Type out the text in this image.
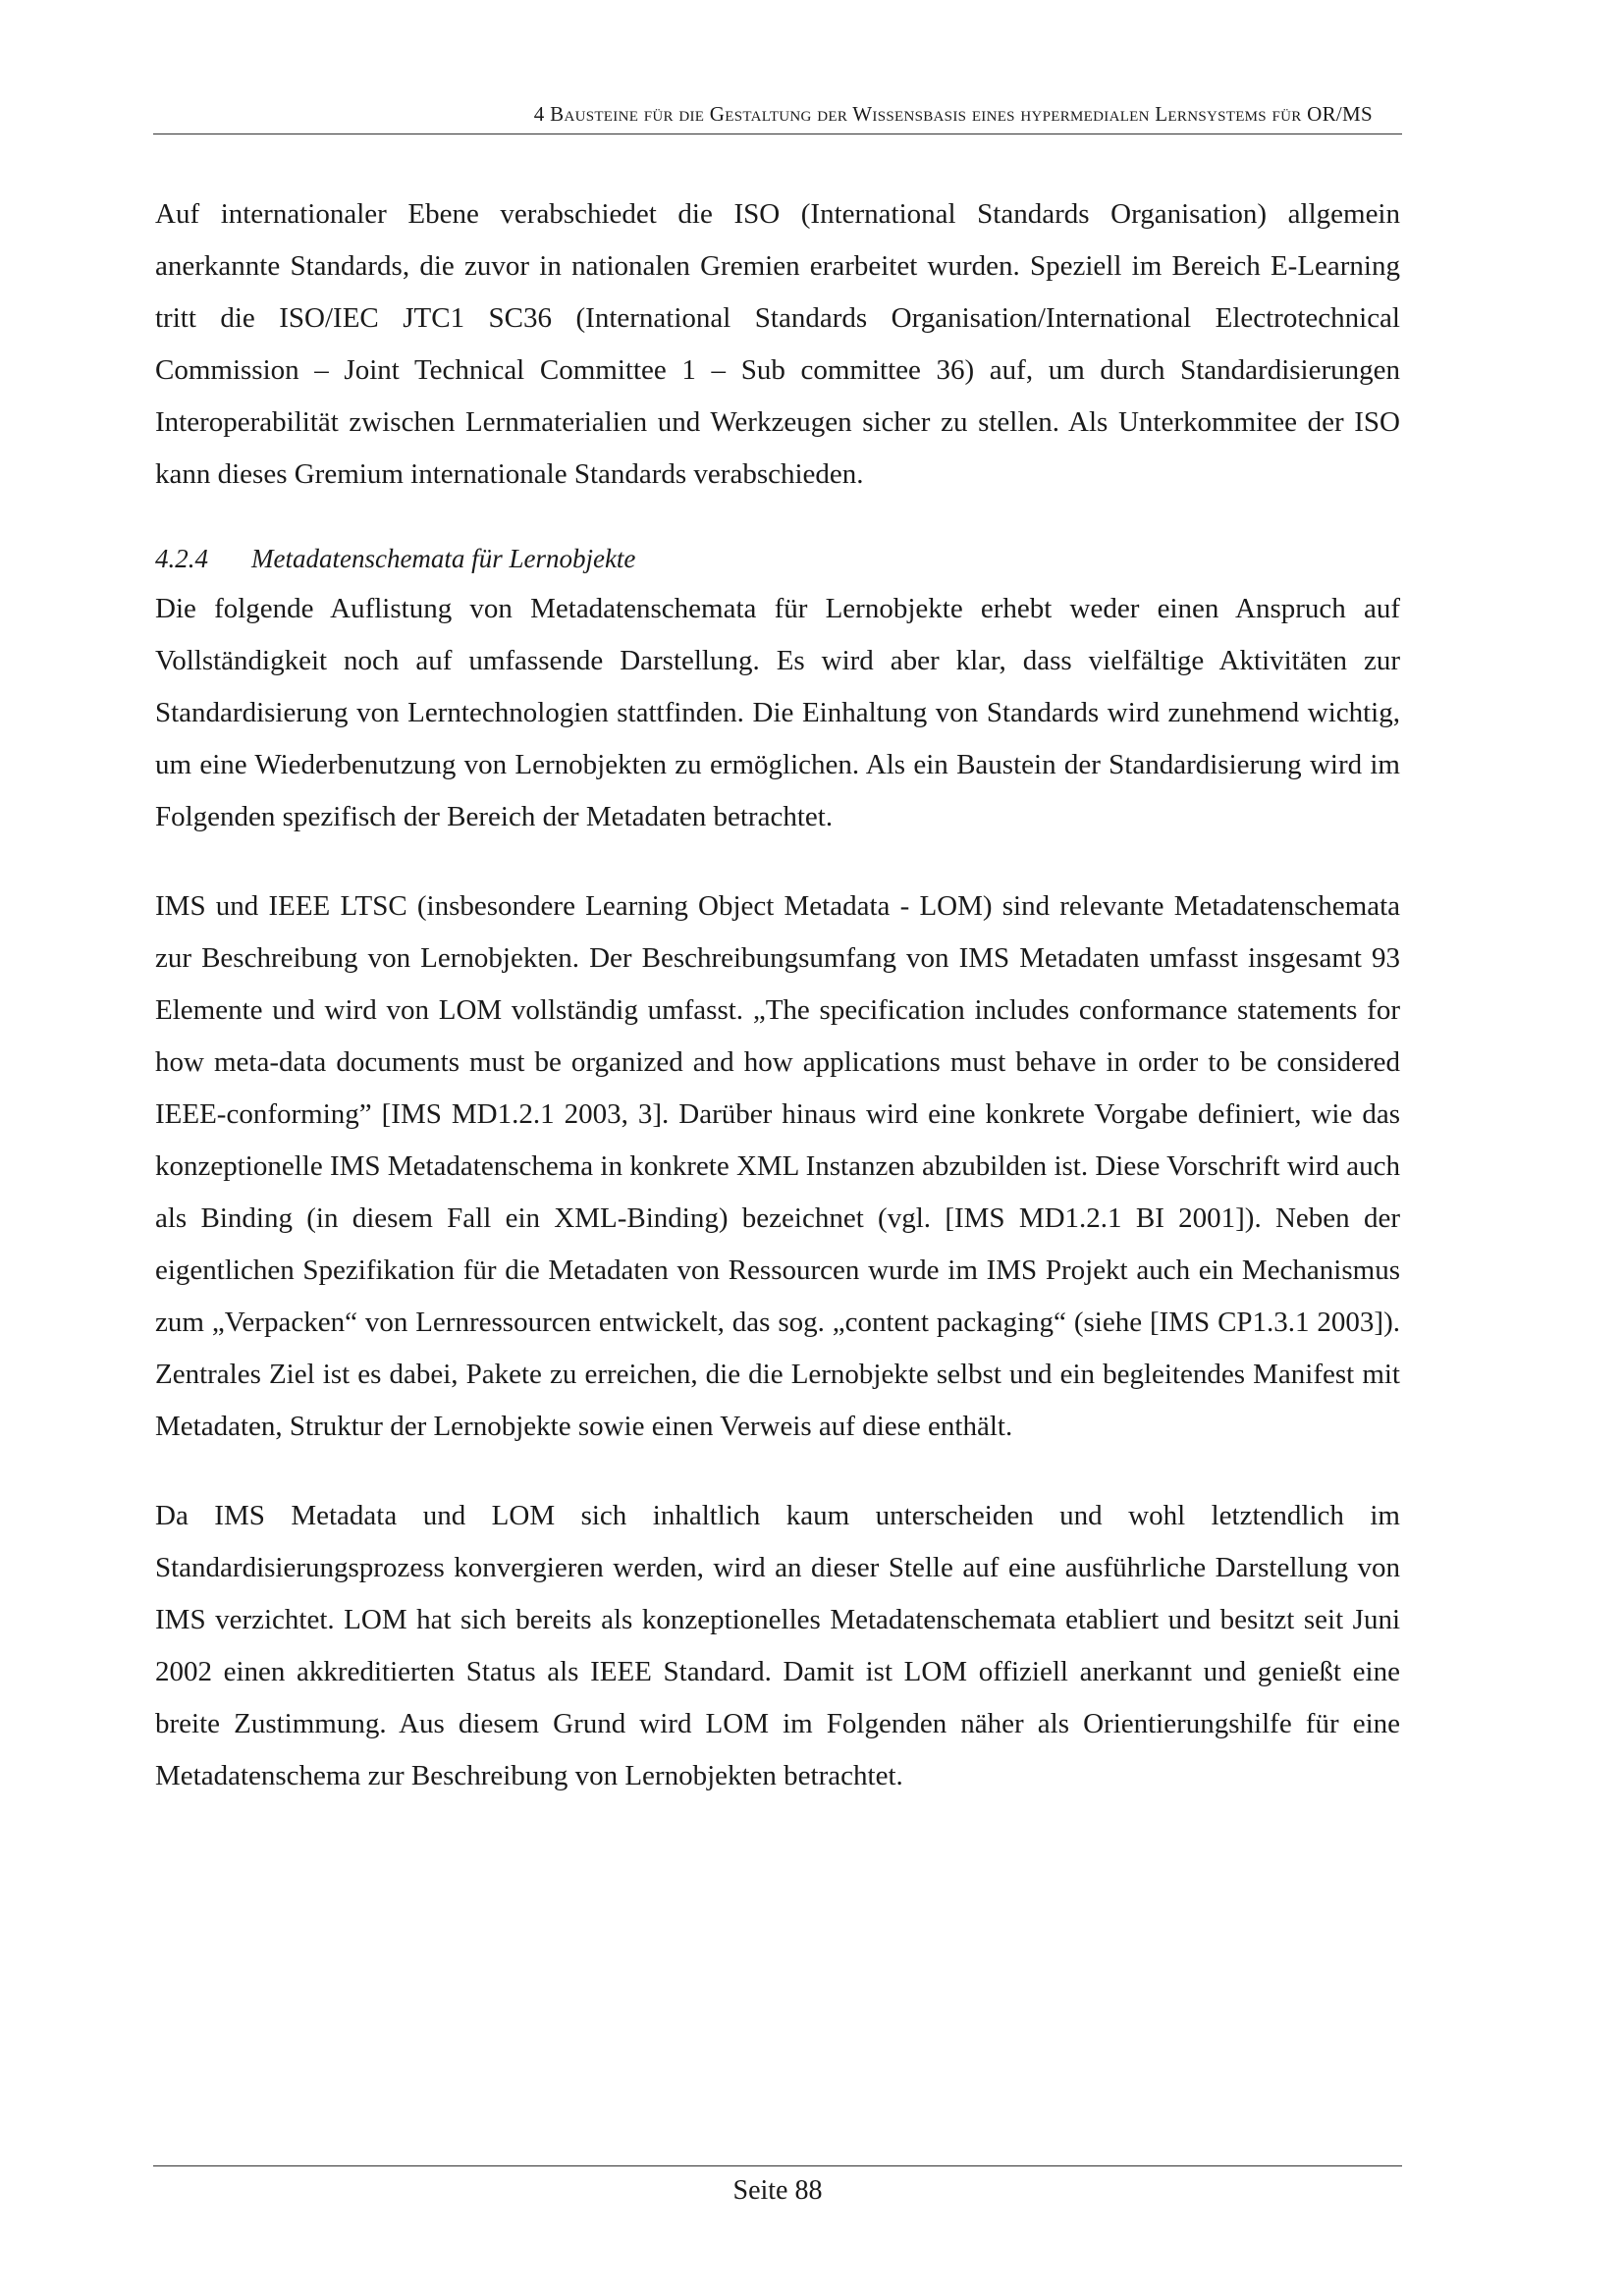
4 Bausteine für die Gestaltung der Wissensbasis eines hypermedialen Lernsystems für OR/MS

Auf internationaler Ebene verabschiedet die ISO (International Standards Organisation) allgemein anerkannte Standards, die zuvor in nationalen Gremien erarbeitet wurden. Speziell im Bereich E-Learning tritt die ISO/IEC JTC1 SC36 (International Standards Organisation/International Electrotechnical Commission – Joint Technical Committee 1 – Sub committee 36) auf, um durch Standardisierungen Interoperabilität zwischen Lernmaterialien und Werkzeugen sicher zu stellen. Als Unterkommitee der ISO kann dieses Gremium internationale Standards verabschieden.

4.2.4 Metadatenschemata für Lernobjekte

Die folgende Auflistung von Metadatenschemata für Lernobjekte erhebt weder einen Anspruch auf Vollständigkeit noch auf umfassende Darstellung. Es wird aber klar, dass vielfältige Aktivitäten zur Standardisierung von Lerntechnologien stattfinden. Die Einhaltung von Standards wird zunehmend wichtig, um eine Wiederbenutzung von Lernobjekten zu ermöglichen. Als ein Baustein der Standardisierung wird im Folgenden spezifisch der Bereich der Metadaten betrachtet.

IMS und IEEE LTSC (insbesondere Learning Object Metadata - LOM) sind relevante Metadatenschemata zur Beschreibung von Lernobjekten. Der Beschreibungsumfang von IMS Metadaten umfasst insgesamt 93 Elemente und wird von LOM vollständig umfasst. „The specification includes conformance statements for how meta-data documents must be organized and how applications must behave in order to be considered IEEE-conforming” [IMS MD1.2.1 2003, 3]. Darüber hinaus wird eine konkrete Vorgabe definiert, wie das konzeptionelle IMS Metadatenschema in konkrete XML Instanzen abzubilden ist. Diese Vorschrift wird auch als Binding (in diesem Fall ein XML-Binding) bezeichnet (vgl. [IMS MD1.2.1 BI 2001]). Neben der eigentlichen Spezifikation für die Metadaten von Ressourcen wurde im IMS Projekt auch ein Mechanismus zum „Verpacken“ von Lernressourcen entwickelt, das sog. „content packaging“ (siehe [IMS CP1.3.1 2003]). Zentrales Ziel ist es dabei, Pakete zu erreichen, die die Lernobjekte selbst und ein begleitendes Manifest mit Metadaten, Struktur der Lernobjekte sowie einen Verweis auf diese enthält.

Da IMS Metadata und LOM sich inhaltlich kaum unterscheiden und wohl letztendlich im Standardisierungsprozess konvergieren werden, wird an dieser Stelle auf eine ausführliche Darstellung von IMS verzichtet. LOM hat sich bereits als konzeptionelles Metadatenschemata etabliert und besitzt seit Juni 2002 einen akkreditierten Status als IEEE Standard. Damit ist LOM offiziell anerkannt und genießt eine breite Zustimmung. Aus diesem Grund wird LOM im Folgenden näher als Orientierungshilfe für eine Metadatenschema zur Beschreibung von Lernobjekten betrachtet.

Seite 88
